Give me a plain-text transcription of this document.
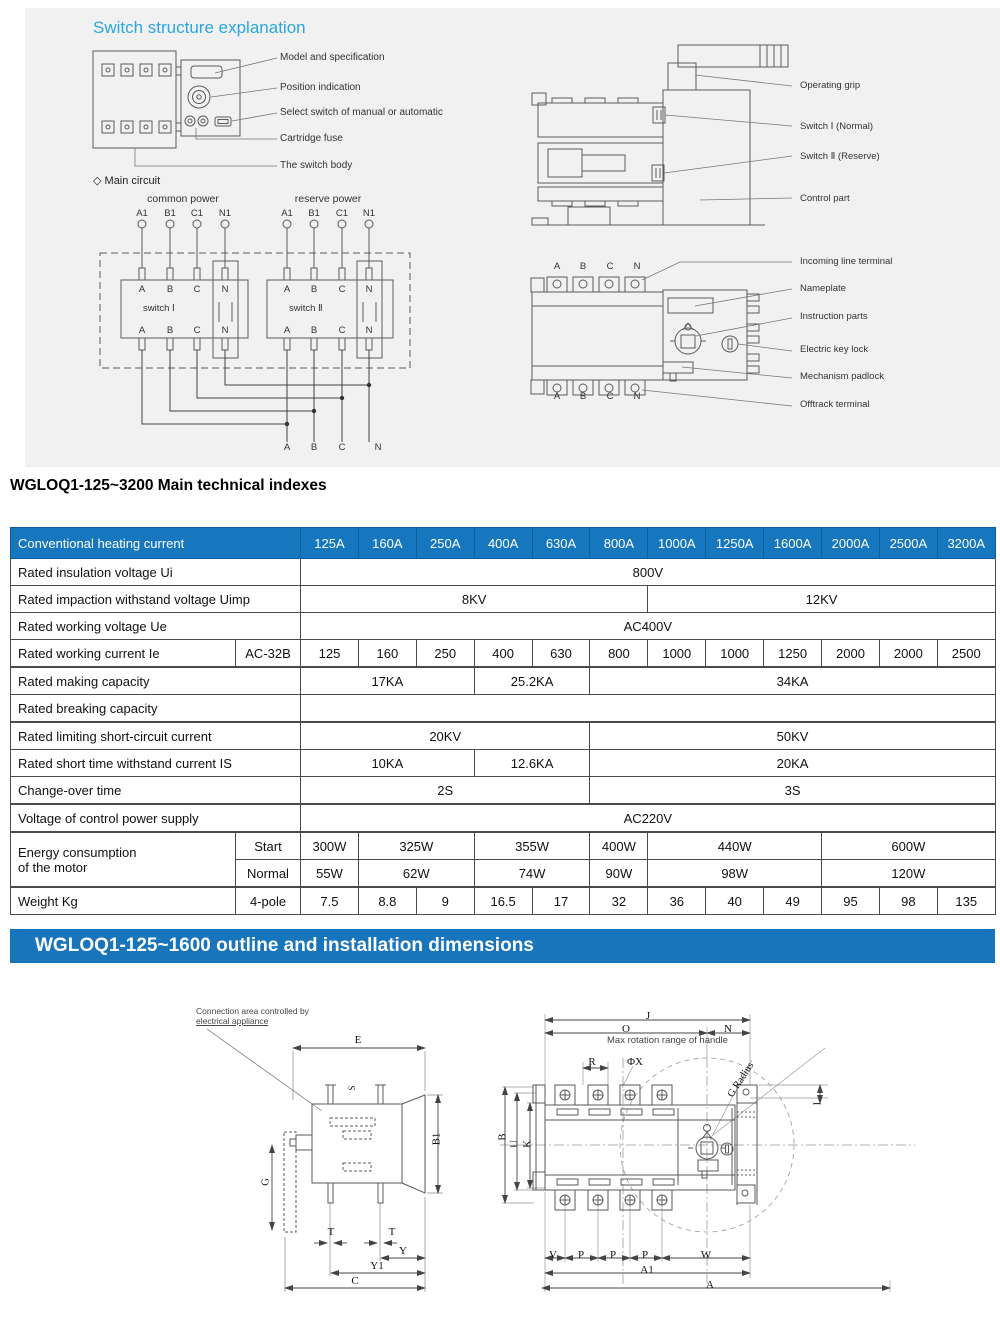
Switch structure explanation
Model and specification
Position indication
Select switch of manual or automatic
Cartridge fuse
The switch body
◇ Main circuit
common power	reserve power
A1 B1 C1 N1	A1 B1 C1 N1
A B C N
switch Ⅰ
A B C N
A B C N
switch Ⅱ
A B C N
A B C	N
Operating grip
Switch Ⅰ (Normal)
Switch Ⅱ (Reserve)
Control part
A B C N
A B C N
Incoming line terminal
Nameplate
Instruction parts
Electric key lock
Mechanism padlock
Offtrack terminal
WGLOQ1-125~3200 Main technical indexes
Conventional heating current		125A	160A	250A	400A	630A	800A	1000A	1250A	1600A	2000A	2500A	3200A
Rated insulation voltage Ui		800V											
Rated impaction withstand voltage Uimp		8KV						12KV					
Rated working voltage Ue		AC400V											
Rated working current Ie	AC-32B	125	160	250	400	630	800	1000	1000	1250	2000	2000	2500
Rated making capacity		17KA			25.2KA		34KA						
Rated breaking capacity													
Rated limiting short-circuit current		20KV					50KV						
Rated short time withstand current IS		10KA			12.6KA		20KA						
Change-over time		2S					3S						
Voltage of control power supply		AC220V											

Energy consumption
of the motor	Start	300W	325W		355W		400W	440W			600W		
	Normal	55W	62W		74W		90W	98W			120W		
Weight Kg	4-pole	7.5	8.8	9	16.5	17	32	36	40	49	95	98	135
WGLOQ1-125~1600 outline and installation dimensions
Connection area controlled by
electrical appliance
E
S
B1
G
T	T
Y
Y1
C
J
O	N
Max rotation range of handle
R	ΦX	G Radius
L
B
U K
V P P P	W
A1
A
